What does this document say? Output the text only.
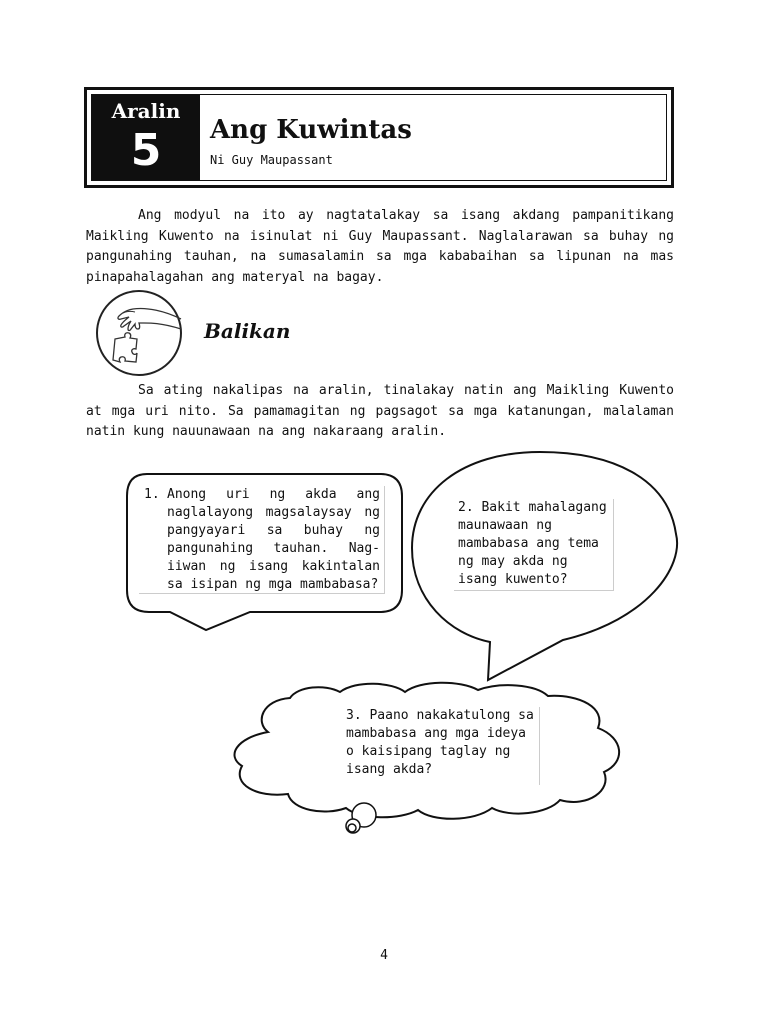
Aralin
5	Ang Kuwintas
Ni Guy Maupassant

Ang modyul na ito ay nagtatalakay sa isang akdang pampanitikang Maikling Kuwento na isinulat ni Guy Maupassant. Naglalarawan sa buhay ng pangunahing tauhan, na sumasalamin sa mga kababaihan sa lipunan na mas pinapahalagahan ang materyal na bagay.

Balikan

Sa ating nakalipas na aralin, tinalakay natin ang Maikling Kuwento at mga uri nito. Sa pamamagitan ng pagsagot sa mga katanungan, malalaman natin kung nauunawaan na ang nakaraang aralin.

1. Anong uri ng akda ang naglalayong magsalaysay ng pangyayari sa buhay ng pangunahing tauhan. Nag-iiwan ng isang kakintalan sa isipan ng mga mambabasa?
2. Bakit mahalagang maunawaan ng mambabasa ang tema ng may akda ng isang kuwento?
3. Paano nakakatulong sa mambabasa ang mga ideya o kaisipang taglay ng isang akda?
4
